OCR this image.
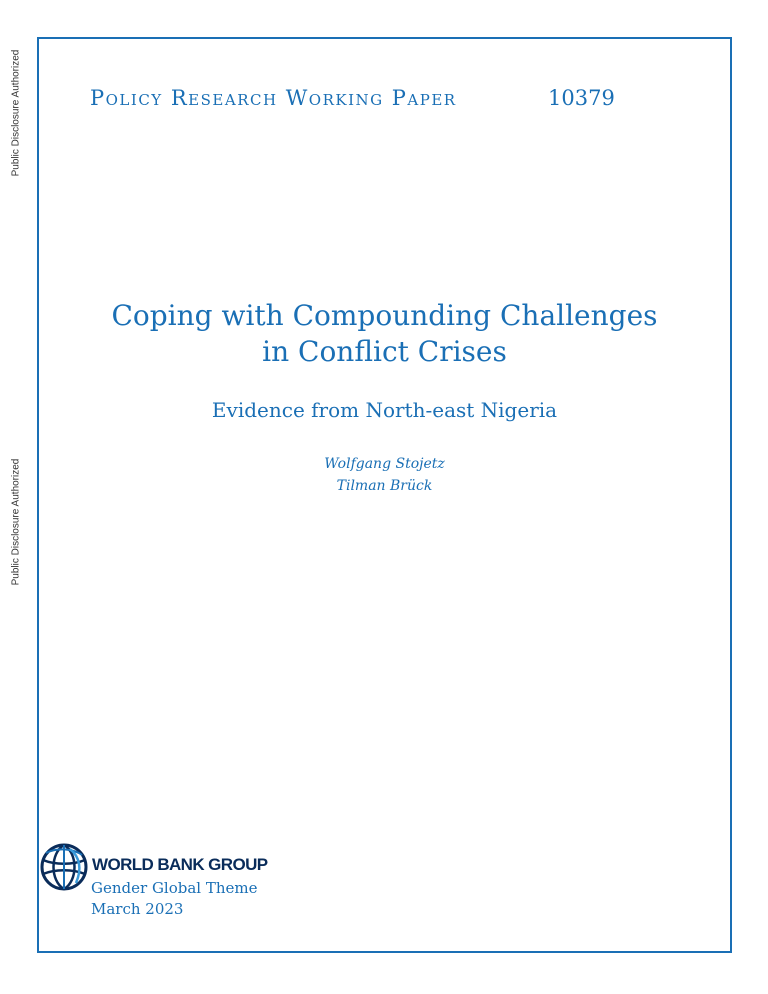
Public Disclosure Authorized
Public Disclosure Authorized
Policy Research Working Paper	10379
Coping with Compounding Challenges
in Conflict Crises
Evidence from North-east Nigeria
Wolfgang Stojetz
Tilman Brück
WORLD BANK GROUP
Gender Global Theme
March 2023
